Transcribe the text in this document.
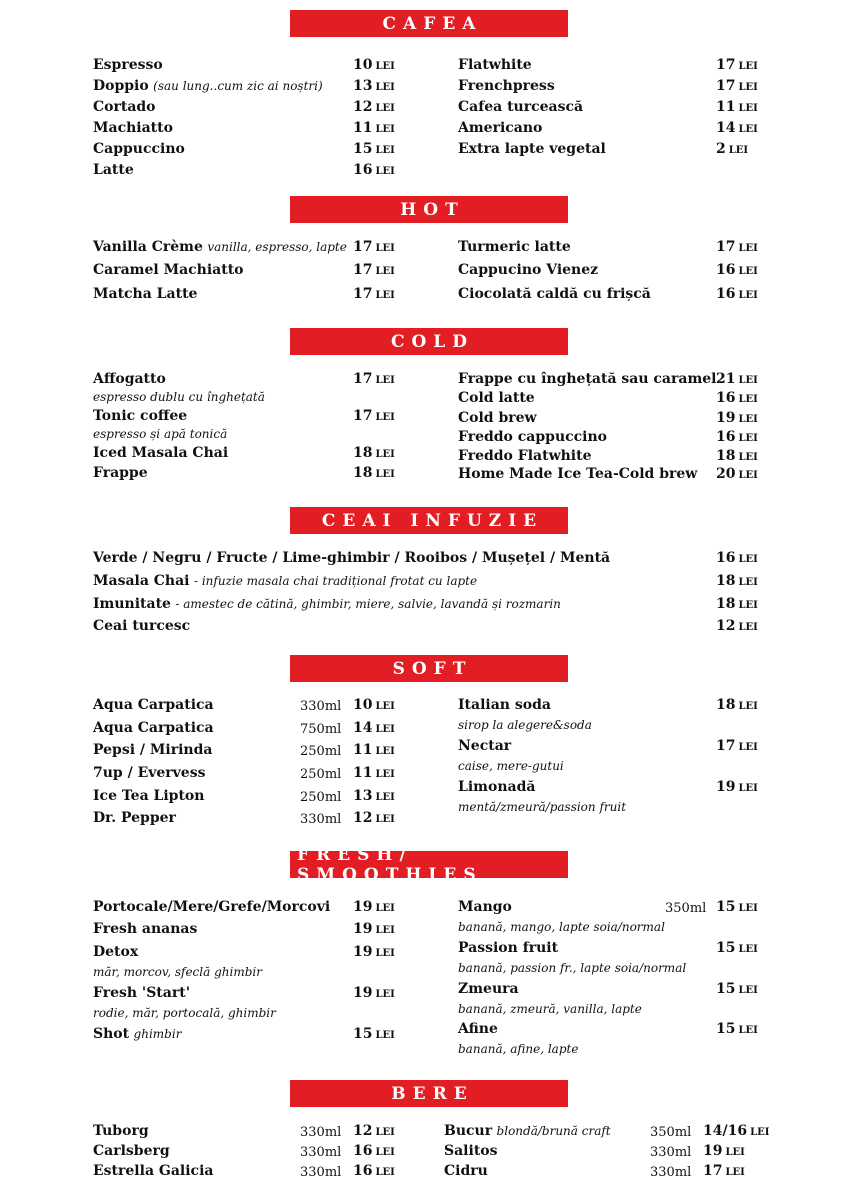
CAFEA
Espresso	10 LEI
Doppio (sau lung..cum zic ai noștri) 13 LEI
Cortado	12 LEI
Machiatto	11 LEI
Cappuccino	15 LEI
Latte	16 LEI
Flatwhite	17 LEI
Frenchpress	17 LEI
Cafea turcească	11 LEI
Americano	14 LEI
Extra lapte vegetal	2 LEI
HOT
Vanilla Crème vanilla, espresso, lapte 17 LEI
Caramel Machiatto	17 LEI
Matcha Latte	17 LEI
Turmeric latte	17 LEI
Cappucino Vienez	16 LEI
Ciocolată caldă cu frișcă	16 LEI
COLD
Affogatto	17 LEI
espresso dublu cu înghețată
Tonic coffee	17 LEI
espresso și apă tonică
Iced Masala Chai	18 LEI
Frappe	18 LEI
Frappe cu înghețată sau caramel 21 LEI
Cold latte	16 LEI
Cold brew	19 LEI
Freddo cappuccino	16 LEI
Freddo Flatwhite	18 LEI
Home Made Ice Tea-Cold brew 20 LEI
CEAI INFUZIE
Verde / Negru / Fructe / Lime-ghimbir / Rooibos / Mușețel / Mentă	16 LEI
Masala Chai - infuzie masala chai tradițional frotat cu lapte	18 LEI
Imunitate - amestec de cătină, ghimbir, miere, salvie, lavandă și rozmarin	18 LEI
Ceai turcesc	12 LEI
SOFT
Aqua Carpatica	330ml 10 LEI
Aqua Carpatica	750ml 14 LEI
Pepsi / Mirinda	250ml 11 LEI
7up / Evervess	250ml 11 LEI
Ice Tea Lipton	250ml 13 LEI
Dr. Pepper	330ml 12 LEI
Italian soda	18 LEI
sirop la alegere&soda
Nectar	17 LEI
caise, mere-gutui
Limonadă	19 LEI
mentă/zmeură/passion fruit
FRESH/ SMOOTHIES
Portocale/Mere/Grefe/Morcovi 19 LEI
Fresh ananas	19 LEI
Detox	19 LEI
măr, morcov, sfeclă ghimbir
Fresh 'Start'	19 LEI
rodie, măr, portocală, ghimbir
Shot ghimbir	15 LEI
Mango	350ml 15 LEI
banană, mango, lapte soia/normal
Passion fruit	15 LEI
banană, passion fr., lapte soia/normal
Zmeura	15 LEI
banană, zmeură, vanilla, lapte
Afine	15 LEI
banană, afine, lapte
BERE
Tuborg	330ml 12 LEI
Carlsberg	330ml 16 LEI
Estrella Galicia	330ml 16 LEI
Bucur blondă/brună craft	350ml 14/16 LEI
Salitos	330ml 19 LEI
Cidru	330ml 17 LEI
